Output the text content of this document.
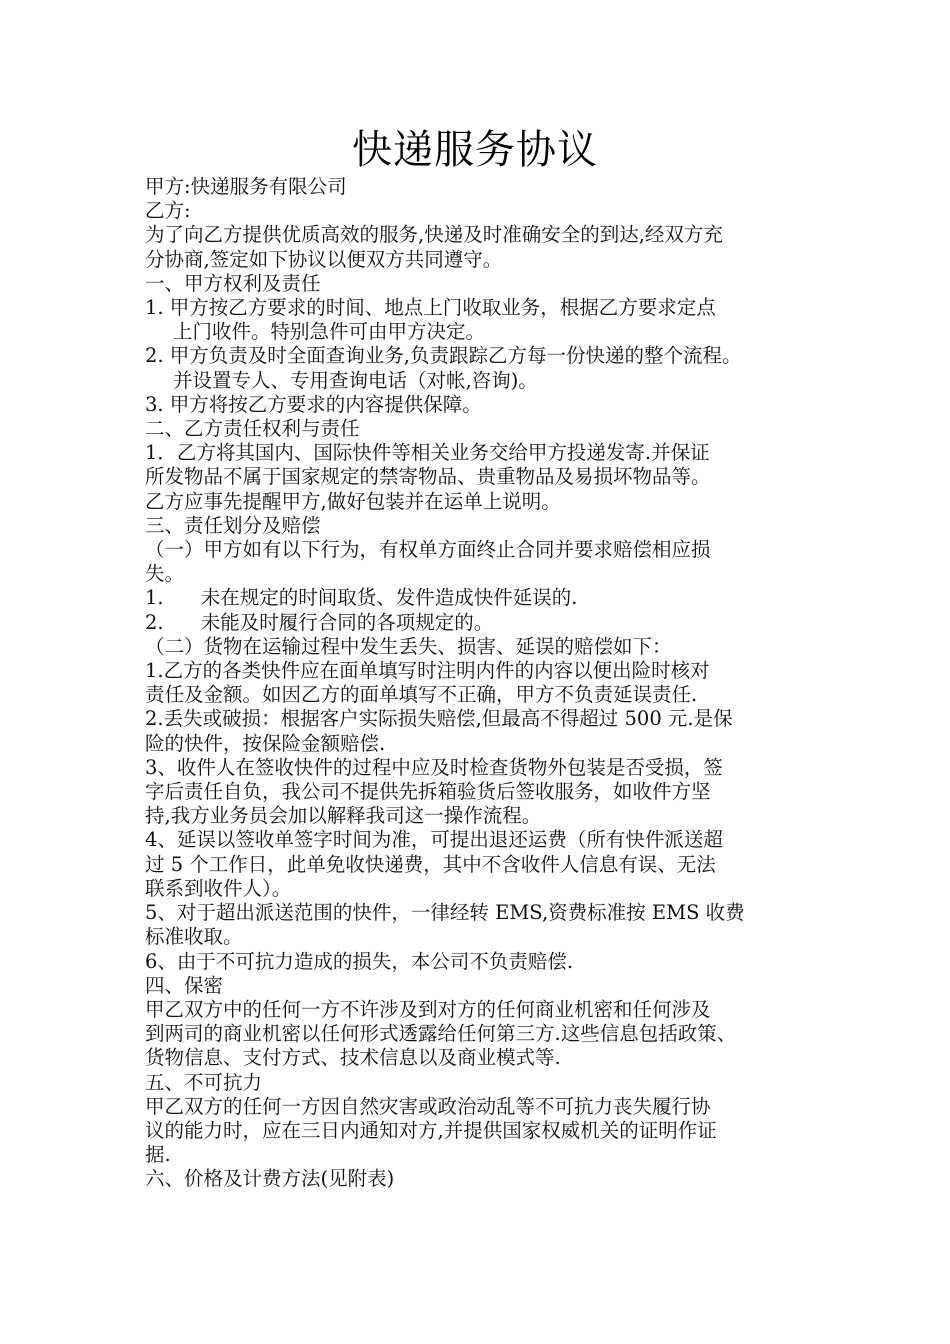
快递服务协议

甲方:快递服务有限公司

乙方:

为了向乙方提供优质高效的服务,快递及时准确安全的到达,经双方充

分协商,签定如下协议以便双方共同遵守。

一、甲方权利及责任

1. 甲方按乙方要求的时间、地点上门收取业务，根据乙方要求定点

上门收件。特别急件可由甲方决定。

2. 甲方负责及时全面查询业务,负责跟踪乙方每一份快递的整个流程。

并设置专人、专用查询电话（对帐,咨询)。

3. 甲方将按乙方要求的内容提供保障。

二、乙方责任权利与责任

1．乙方将其国内、国际快件等相关业务交给甲方投递发寄.并保证

所发物品不属于国家规定的禁寄物品、贵重物品及易损坏物品等。

乙方应事先提醒甲方,做好包装并在运单上说明。

三、责任划分及赔偿

（一）甲方如有以下行为，有权单方面终止合同并要求赔偿相应损

失。

1.      未在规定的时间取货、发件造成快件延误的.

2.      未能及时履行合同的各项规定的。

（二）货物在运输过程中发生丢失、损害、延误的赔偿如下：

1.乙方的各类快件应在面单填写时注明内件的内容以便出险时核对

责任及金额。如因乙方的面单填写不正确，甲方不负责延误责任.

2.丢失或破损：根据客户实际损失赔偿,但最高不得超过 500 元.是保

险的快件，按保险金额赔偿.

3、收件人在签收快件的过程中应及时检查货物外包装是否受损，签

字后责任自负，我公司不提供先拆箱验货后签收服务，如收件方坚

持,我方业务员会加以解释我司这一操作流程。

4、延误以签收单签字时间为准，可提出退还运费（所有快件派送超

过 5 个工作日，此单免收快递费，其中不含收件人信息有误、无法

联系到收件人）。

5、对于超出派送范围的快件，一律经转 EMS,资费标准按 EMS 收费

标准收取。

6、由于不可抗力造成的损失，本公司不负责赔偿.

四、保密

甲乙双方中的任何一方不许涉及到对方的任何商业机密和任何涉及

到两司的商业机密以任何形式透露给任何第三方.这些信息包括政策、

货物信息、支付方式、技术信息以及商业模式等.

五、不可抗力

甲乙双方的任何一方因自然灾害或政治动乱等不可抗力丧失履行协

议的能力时，应在三日内通知对方,并提供国家权威机关的证明作证

据.

六、价格及计费方法(见附表)
